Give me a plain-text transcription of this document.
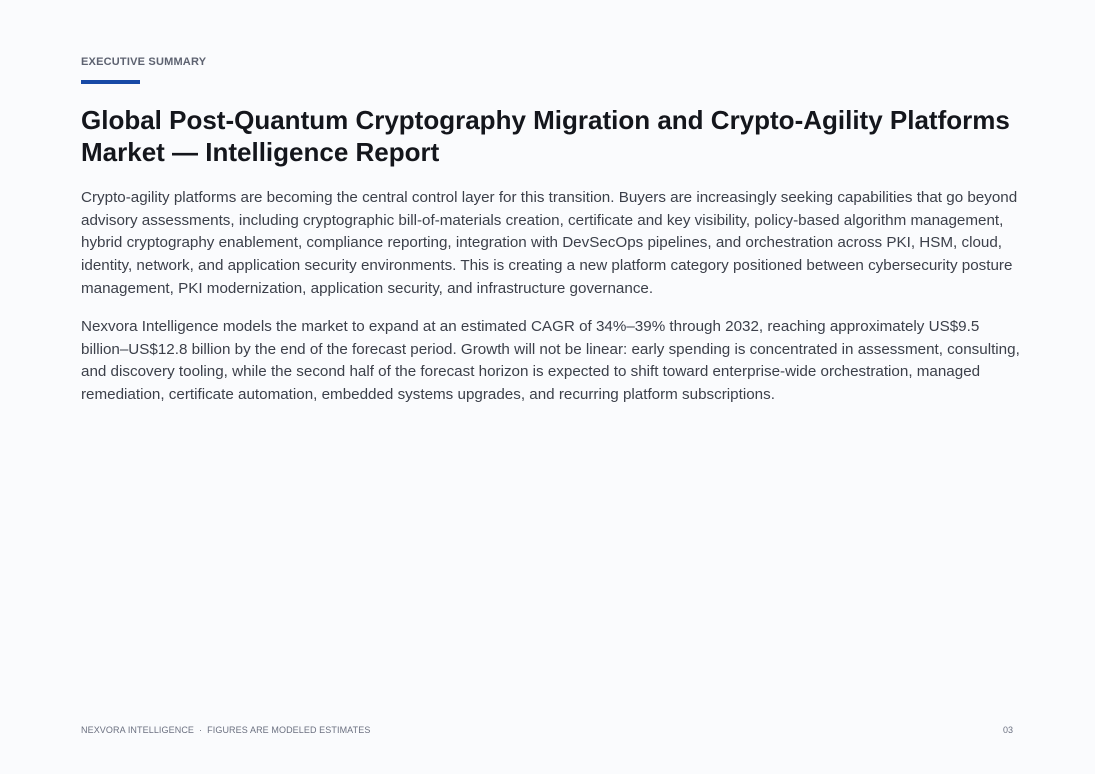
EXECUTIVE SUMMARY
Global Post-Quantum Cryptography Migration and Crypto-Agility Platforms Market — Intelligence Report

Crypto-agility platforms are becoming the central control layer for this transition. Buyers are increasingly seeking capabilities that go beyond advisory assessments, including cryptographic bill-of-materials creation, certificate and key visibility, policy-based algorithm management, hybrid cryptography enablement, compliance reporting, integration with DevSecOps pipelines, and orchestration across PKI, HSM, cloud, identity, network, and application security environments. This is creating a new platform category positioned between cybersecurity posture management, PKI modernization, application security, and infrastructure governance.

Nexvora Intelligence models the market to expand at an estimated CAGR of 34%–39% through 2032, reaching approximately US$9.5 billion–US$12.8 billion by the end of the forecast period. Growth will not be linear: early spending is concentrated in assessment, consulting, and discovery tooling, while the second half of the forecast horizon is expected to shift toward enterprise-wide orchestration, managed remediation, certificate automation, embedded systems upgrades, and recurring platform subscriptions.

NEXVORA INTELLIGENCE · FIGURES ARE MODELED ESTIMATES	03
